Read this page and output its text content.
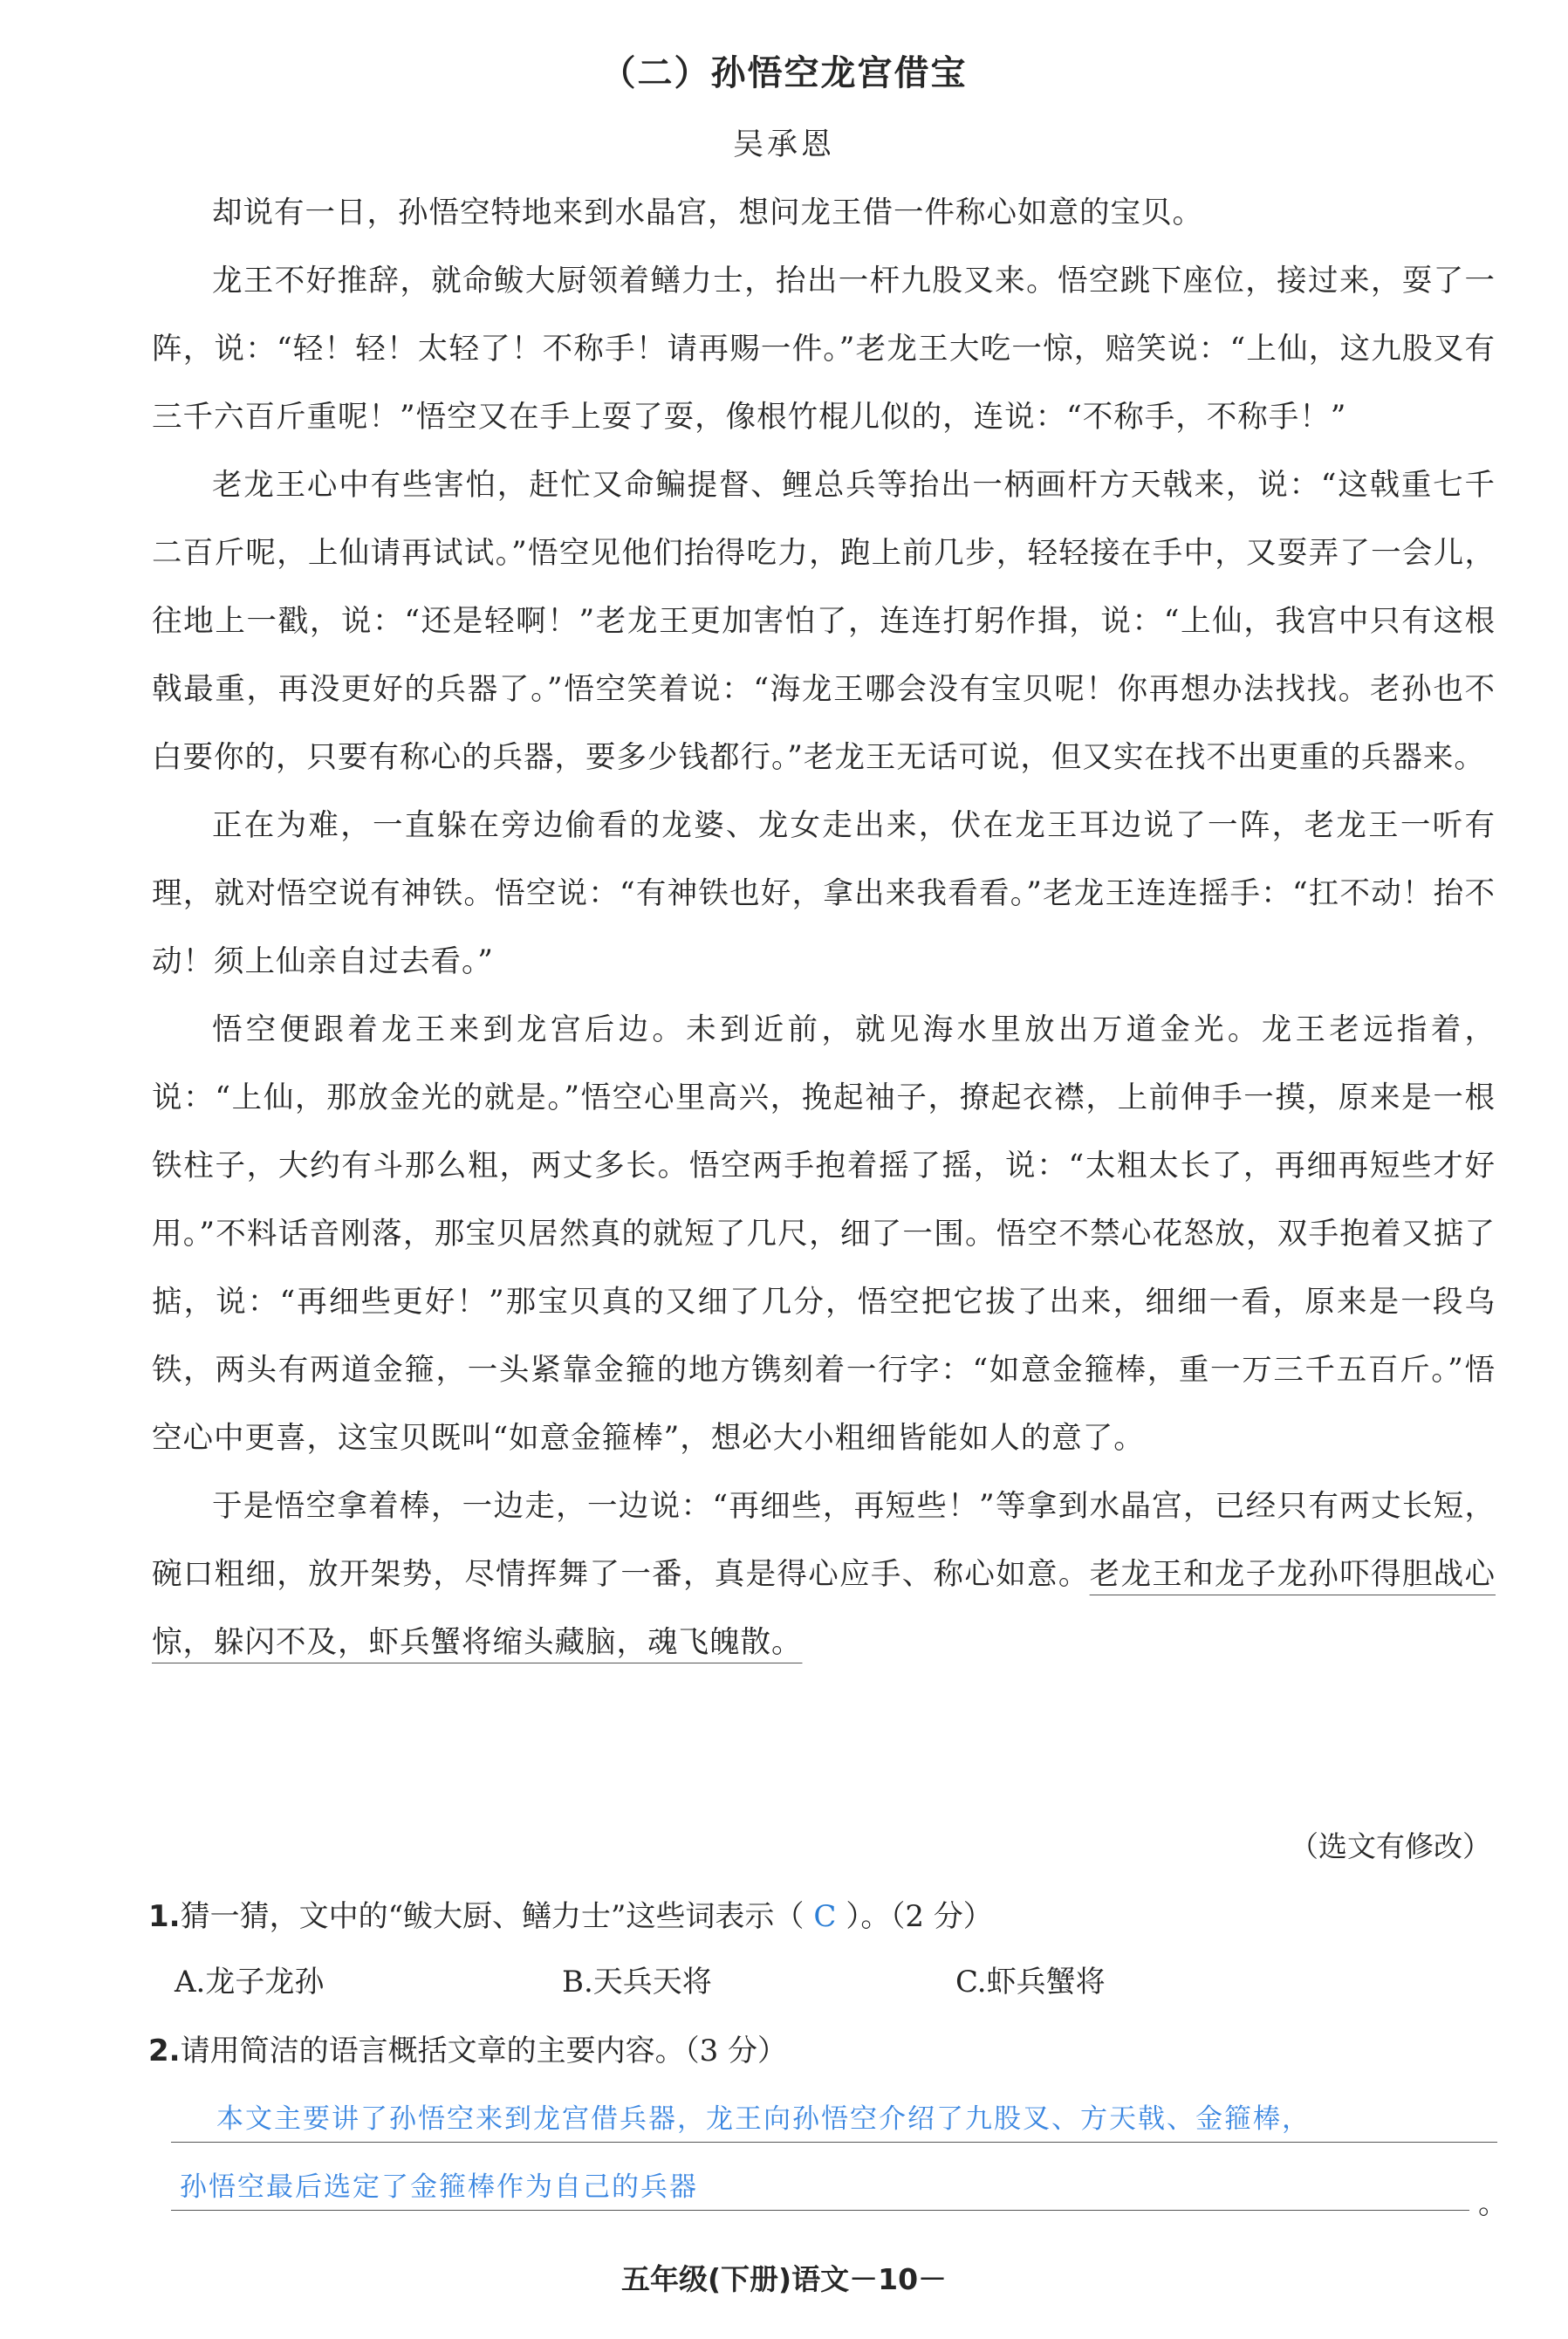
（二）孙悟空龙宫借宝
吴承恩

却说有一日，孙悟空特地来到水晶宫，想问龙王借一件称心如意的宝贝。

龙王不好推辞，就命鲅大厨领着鳝力士，抬出一杆九股叉来。悟空跳下座位，接过来，耍了一阵，说：“轻！轻！太轻了！不称手！请再赐一件。”老龙王大吃一惊，赔笑说：“上仙，这九股叉有三千六百斤重呢！”悟空又在手上耍了耍，像根竹棍儿似的，连说：“不称手，不称手！”

老龙王心中有些害怕，赶忙又命鳊提督、鲤总兵等抬出一柄画杆方天戟来，说：“这戟重七千二百斤呢，上仙请再试试。”悟空见他们抬得吃力，跑上前几步，轻轻接在手中，又耍弄了一会儿，往地上一戳，说：“还是轻啊！”老龙王更加害怕了，连连打躬作揖，说：“上仙，我宫中只有这根戟最重，再没更好的兵器了。”悟空笑着说：“海龙王哪会没有宝贝呢！你再想办法找找。老孙也不白要你的，只要有称心的兵器，要多少钱都行。”老龙王无话可说，但又实在找不出更重的兵器来。

正在为难，一直躲在旁边偷看的龙婆、龙女走出来，伏在龙王耳边说了一阵，老龙王一听有理，就对悟空说有神铁。悟空说：“有神铁也好，拿出来我看看。”老龙王连连摇手：“扛不动！抬不动！须上仙亲自过去看。”

悟空便跟着龙王来到龙宫后边。未到近前，就见海水里放出万道金光。龙王老远指着，说：“上仙，那放金光的就是。”悟空心里高兴，挽起袖子，撩起衣襟，上前伸手一摸，原来是一根铁柱子，大约有斗那么粗，两丈多长。悟空两手抱着摇了摇，说：“太粗太长了，再细再短些才好用。”不料话音刚落，那宝贝居然真的就短了几尺，细了一围。悟空不禁心花怒放，双手抱着又掂了掂，说：“再细些更好！”那宝贝真的又细了几分，悟空把它拔了出来，细细一看，原来是一段乌铁，两头有两道金箍，一头紧靠金箍的地方镌刻着一行字：“如意金箍棒，重一万三千五百斤。”悟空心中更喜，这宝贝既叫“如意金箍棒”，想必大小粗细皆能如人的意了。

于是悟空拿着棒，一边走，一边说：“再细些，再短些！”等拿到水晶宫，已经只有两丈长短，碗口粗细，放开架势，尽情挥舞了一番，真是得心应手、称心如意。老龙王和龙子龙孙吓得胆战心惊，躲闪不及，虾兵蟹将缩头藏脑，魂飞魄散。

（选文有修改）
1.猜一猜，文中的“鲅大厨、鳝力士”这些词表示（ C ）。（2 分）
A.龙子龙孙	B.天兵天将	C.虾兵蟹将
2.请用简洁的语言概括文章的主要内容。（3 分）
本文主要讲了孙悟空来到龙宫借兵器，龙王向孙悟空介绍了九股叉、方天戟、金箍棒，
孙悟空最后选定了金箍棒作为自己的兵器	。
五年级(下册)语文－10－
